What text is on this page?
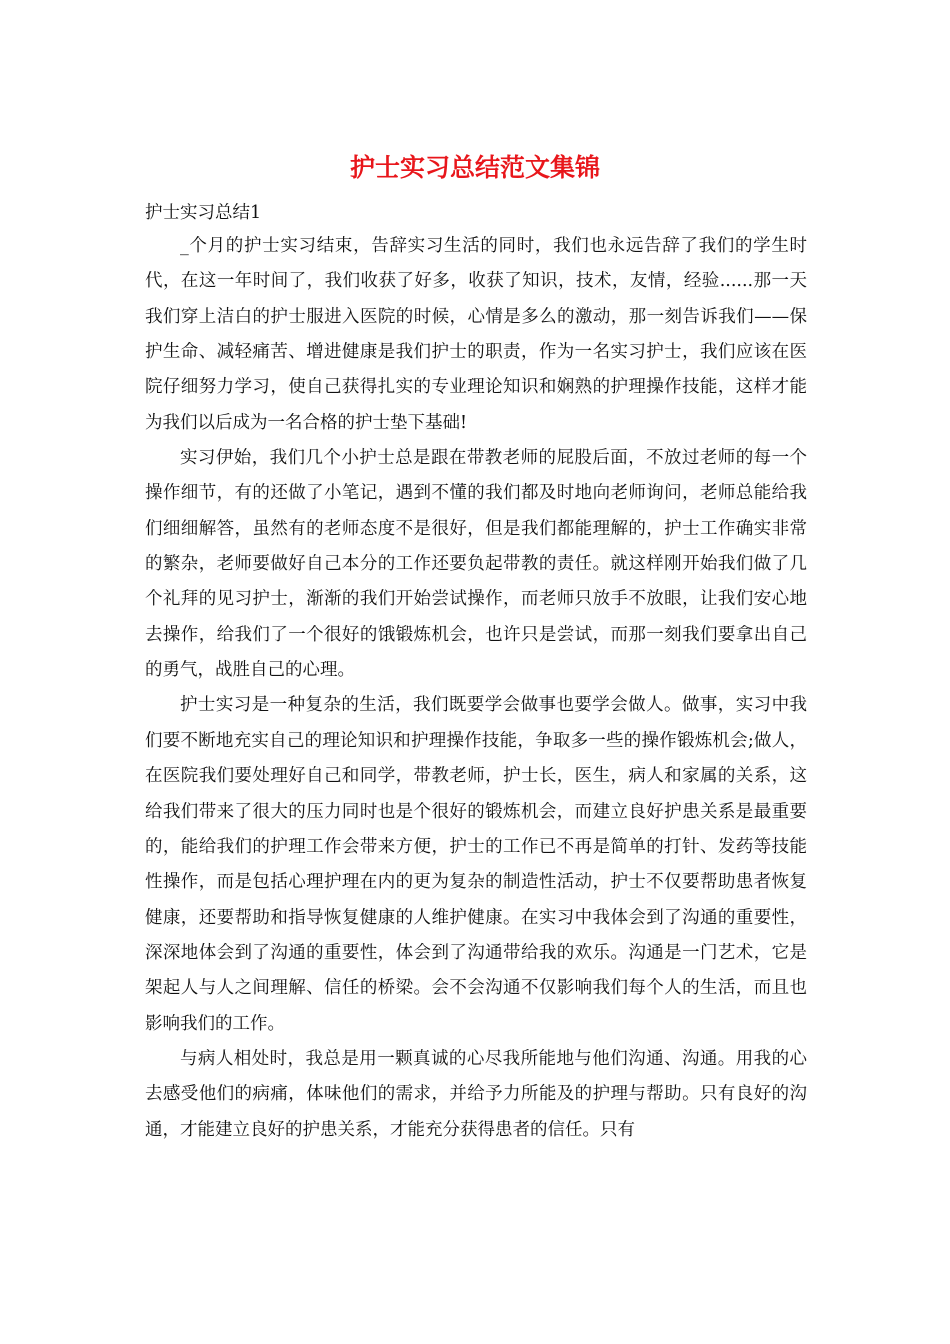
护士实习总结范文集锦
护士实习总结1

_个月的护士实习结束，告辞实习生活的同时，我们也永远告辞了我们的学生时代，在这一年时间了，我们收获了好多，收获了知识，技术，友情，经验......那一天我们穿上洁白的护士服进入医院的时候，心情是多么的激动，那一刻告诉我们——保护生命、减轻痛苦、增进健康是我们护士的职责，作为一名实习护士，我们应该在医院仔细努力学习，使自己获得扎实的专业理论知识和娴熟的护理操作技能，这样才能为我们以后成为一名合格的护士垫下基础!

实习伊始，我们几个小护士总是跟在带教老师的屁股后面，不放过老师的每一个操作细节，有的还做了小笔记，遇到不懂的我们都及时地向老师询问，老师总能给我们细细解答，虽然有的老师态度不是很好，但是我们都能理解的，护士工作确实非常的繁杂，老师要做好自己本分的工作还要负起带教的责任。就这样刚开始我们做了几个礼拜的见习护士，渐渐的我们开始尝试操作，而老师只放手不放眼，让我们安心地去操作，给我们了一个很好的饿锻炼机会，也许只是尝试，而那一刻我们要拿出自己的勇气，战胜自己的心理。

护士实习是一种复杂的生活，我们既要学会做事也要学会做人。做事，实习中我们要不断地充实自己的理论知识和护理操作技能，争取多一些的操作锻炼机会;做人，在医院我们要处理好自己和同学，带教老师，护士长，医生，病人和家属的关系，这给我们带来了很大的压力同时也是个很好的锻炼机会，而建立良好护患关系是最重要的，能给我们的护理工作会带来方便，护士的工作已不再是简单的打针、发药等技能性操作，而是包括心理护理在内的更为复杂的制造性活动，护士不仅要帮助患者恢复健康，还要帮助和指导恢复健康的人维护健康。在实习中我体会到了沟通的重要性，深深地体会到了沟通的重要性，体会到了沟通带给我的欢乐。沟通是一门艺术，它是架起人与人之间理解、信任的桥梁。会不会沟通不仅影响我们每个人的生活，而且也影响我们的工作。

与病人相处时，我总是用一颗真诚的心尽我所能地与他们沟通、沟通。用我的心去感受他们的病痛，体味他们的需求，并给予力所能及的护理与帮助。只有良好的沟通，才能建立良好的护患关系，才能充分获得患者的信任。只有
